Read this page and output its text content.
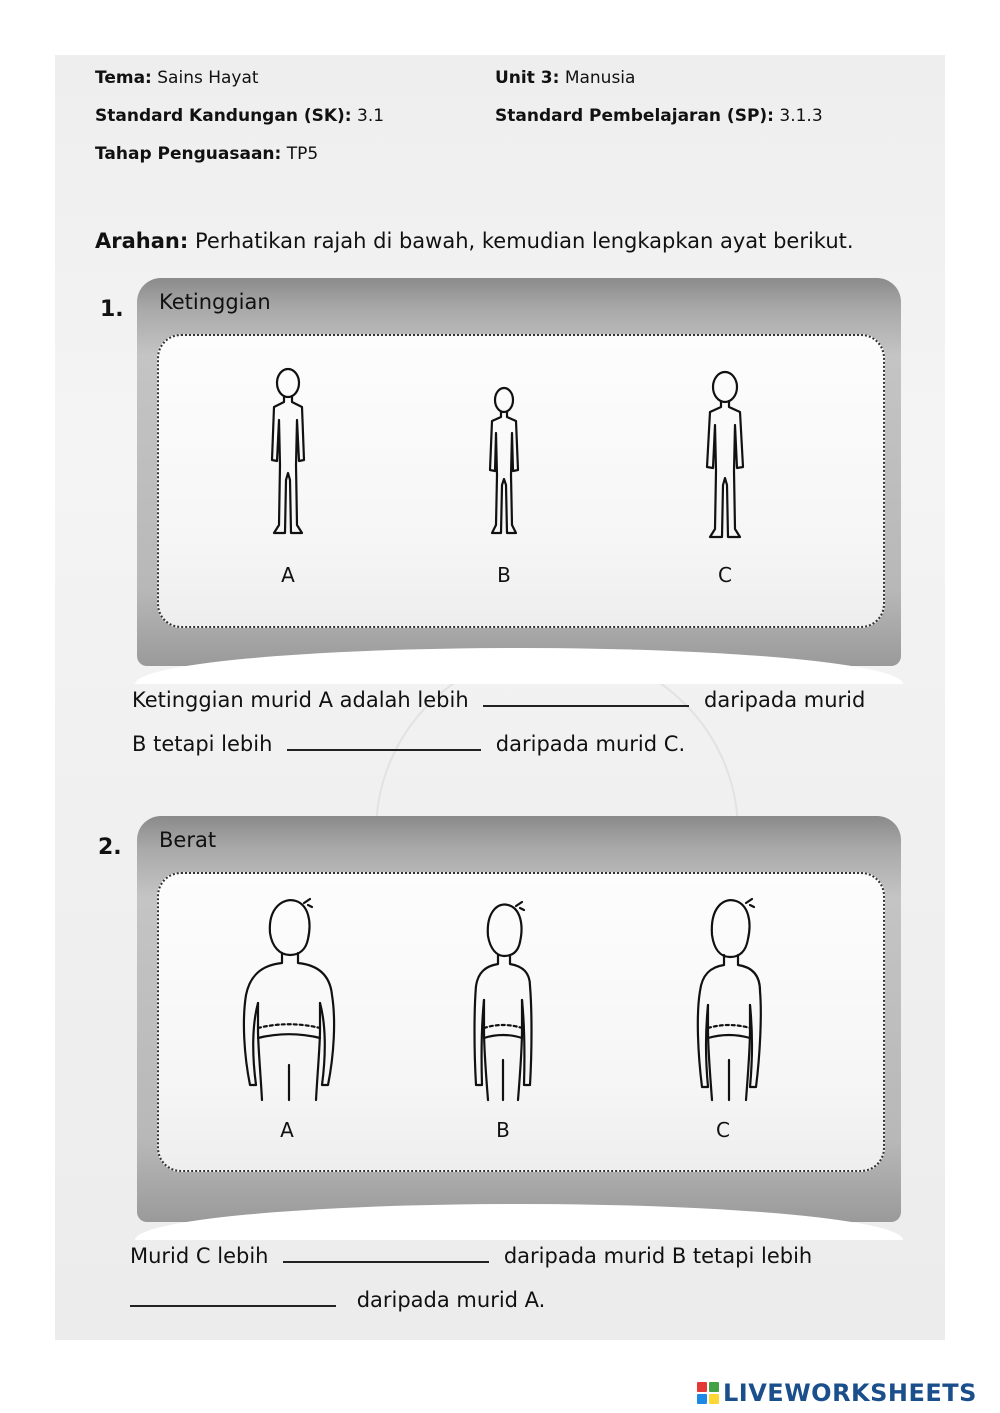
Tema: Sains Hayat	Unit 3: Manusia
Standard Kandungan (SK): 3.1	Standard Pembelajaran (SP): 3.1.3
Tahap Penguasaan: TP5
Arahan: Perhatikan rajah di bawah, kemudian lengkapkan ayat berikut.
1. Ketinggian
A	B	C
Ketinggian murid A adalah lebih	daripada murid
B tetapi lebih	daripada murid C.
2. Berat
A	B	C
Murid C lebih	daripada murid B tetapi lebih
daripada murid A.
LIVEWORKSHEETS
